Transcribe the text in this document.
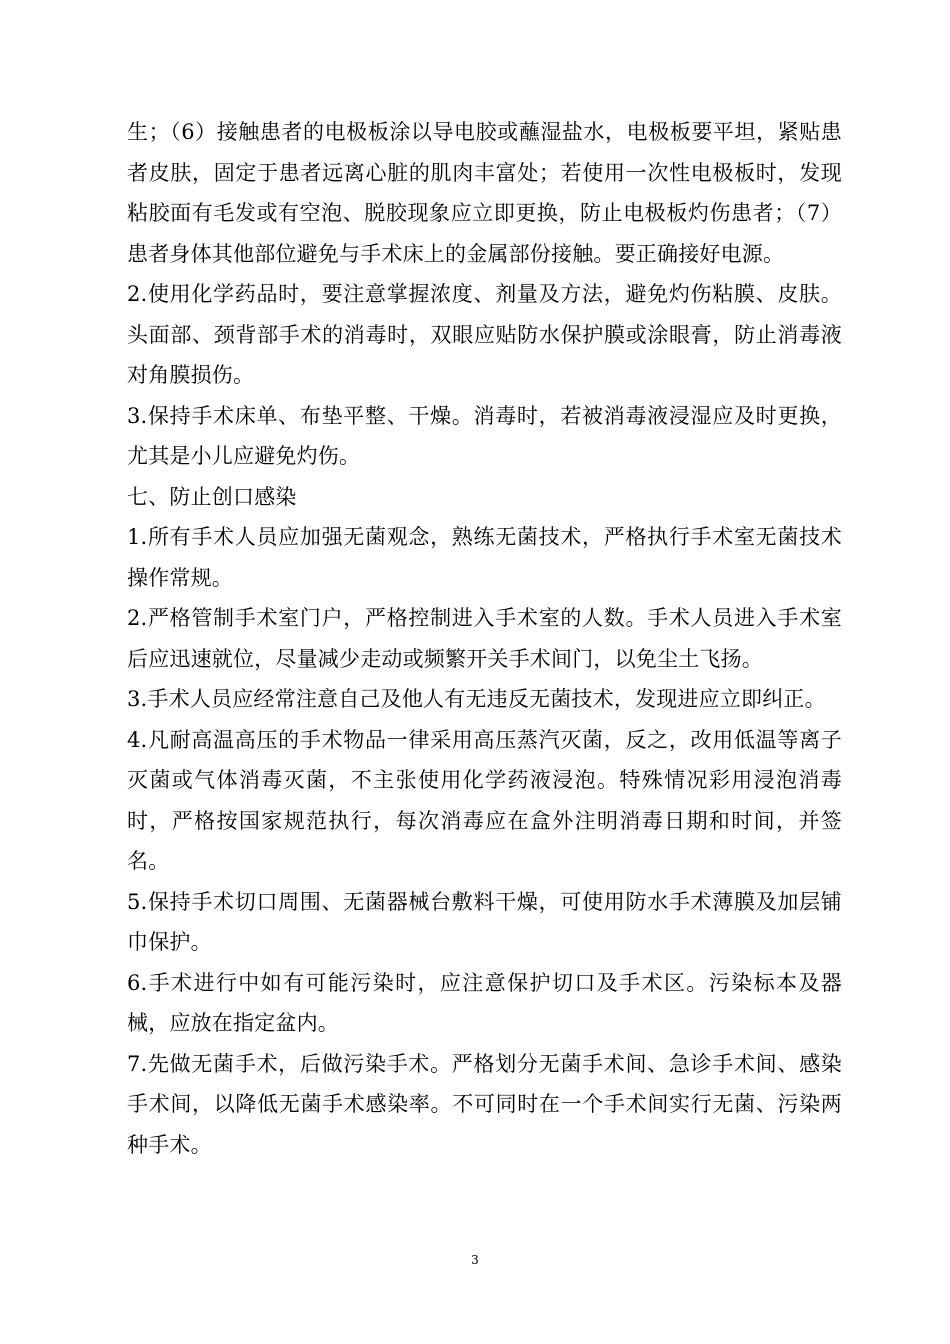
生；（6）接触患者的电极板涂以导电胶或蘸湿盐水，电极板要平坦，紧贴患者皮肤，固定于患者远离心脏的肌肉丰富处；若使用一次性电极板时，发现粘胶面有毛发或有空泡、脱胶现象应立即更换，防止电极板灼伤患者；（7）患者身体其他部位避免与手术床上的金属部份接触。要正确接好电源。

2.使用化学药品时，要注意掌握浓度、剂量及方法，避免灼伤粘膜、皮肤。头面部、颈背部手术的消毒时，双眼应贴防水保护膜或涂眼膏，防止消毒液对角膜损伤。

3.保持手术床单、布垫平整、干燥。消毒时，若被消毒液浸湿应及时更换，尤其是小儿应避免灼伤。

七、防止创口感染

1.所有手术人员应加强无菌观念，熟练无菌技术，严格执行手术室无菌技术操作常规。

2.严格管制手术室门户，严格控制进入手术室的人数。手术人员进入手术室后应迅速就位，尽量减少走动或频繁开关手术间门，以免尘土飞扬。

3.手术人员应经常注意自己及他人有无违反无菌技术，发现进应立即纠正。

4.凡耐高温高压的手术物品一律采用高压蒸汽灭菌，反之，改用低温等离子灭菌或气体消毒灭菌，不主张使用化学药液浸泡。特殊情况彩用浸泡消毒时，严格按国家规范执行，每次消毒应在盒外注明消毒日期和时间，并签名。

5.保持手术切口周围、无菌器械台敷料干燥，可使用防水手术薄膜及加层铺巾保护。

6.手术进行中如有可能污染时，应注意保护切口及手术区。污染标本及器械，应放在指定盆内。

7.先做无菌手术，后做污染手术。严格划分无菌手术间、急诊手术间、感染手术间，以降低无菌手术感染率。不可同时在一个手术间实行无菌、污染两种手术。

3
